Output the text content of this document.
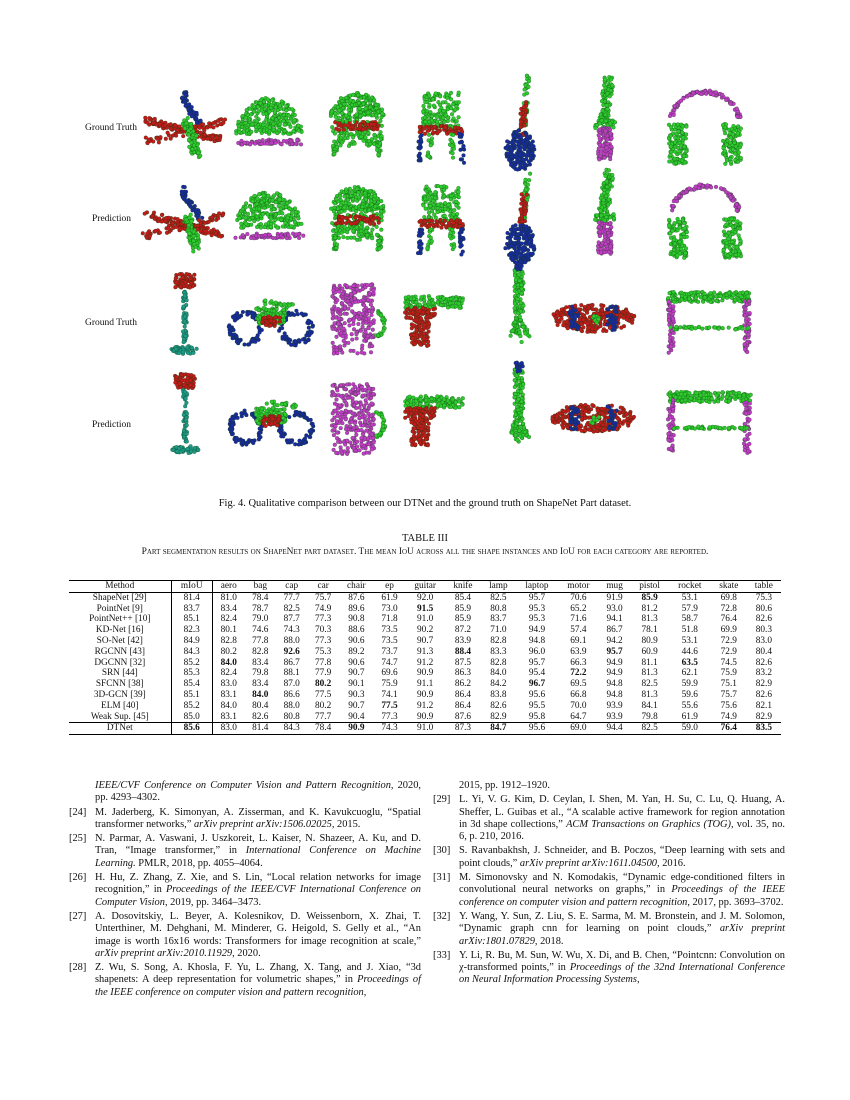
Ground Truth
Prediction
Ground Truth
Prediction
Fig. 4. Qualitative comparison between our DTNet and the ground truth on ShapeNet Part dataset.
TABLE III
Part segmentation results on ShapeNet part dataset. The mean IoU across all the shape instances and IoU for each category are reported.
Method	mIoU	aero	bag	cap	car	chair	ep	guitar	knife	lamp	laptop	motor	mug	pistol	rocket	skate	table
ShapeNet [29]	81.4	81.0	78.4	77.7	75.7	87.6	61.9	92.0	85.4	82.5	95.7	70.6	91.9	85.9	53.1	69.8	75.3
PointNet [9]	83.7	83.4	78.7	82.5	74.9	89.6	73.0	91.5	85.9	80.8	95.3	65.2	93.0	81.2	57.9	72.8	80.6
PointNet++ [10]	85.1	82.4	79.0	87.7	77.3	90.8	71.8	91.0	85.9	83.7	95.3	71.6	94.1	81.3	58.7	76.4	82.6
KD-Net [16]	82.3	80.1	74.6	74.3	70.3	88.6	73.5	90.2	87.2	71.0	94.9	57.4	86.7	78.1	51.8	69.9	80.3
SO-Net [42]	84.9	82.8	77.8	88.0	77.3	90.6	73.5	90.7	83.9	82.8	94.8	69.1	94.2	80.9	53.1	72.9	83.0
RGCNN [43]	84.3	80.2	82.8	92.6	75.3	89.2	73.7	91.3	88.4	83.3	96.0	63.9	95.7	60.9	44.6	72.9	80.4
DGCNN [32]	85.2	84.0	83.4	86.7	77.8	90.6	74.7	91.2	87.5	82.8	95.7	66.3	94.9	81.1	63.5	74.5	82.6
SRN [44]	85.3	82.4	79.8	88.1	77.9	90.7	69.6	90.9	86.3	84.0	95.4	72.2	94.9	81.3	62.1	75.9	83.2
SFCNN [38]	85.4	83.0	83.4	87.0	80.2	90.1	75.9	91.1	86.2	84.2	96.7	69.5	94.8	82.5	59.9	75.1	82.9
3D-GCN [39]	85.1	83.1	84.0	86.6	77.5	90.3	74.1	90.9	86.4	83.8	95.6	66.8	94.8	81.3	59.6	75.7	82.6
ELM [40]	85.2	84.0	80.4	88.0	80.2	90.7	77.5	91.2	86.4	82.6	95.5	70.0	93.9	84.1	55.6	75.6	82.1
Weak Sup. [45]	85.0	83.1	82.6	80.8	77.7	90.4	77.3	90.9	87.6	82.9	95.8	64.7	93.9	79.8	61.9	74.9	82.9
DTNet	85.6	83.0	81.4	84.3	78.4	90.9	74.3	91.0	87.3	84.7	95.6	69.0	94.4	82.5	59.0	76.4	83.5
IEEE/CVF Conference on Computer Vision and Pattern Recognition, 2020, pp. 4293–4302.
[24] M. Jaderberg, K. Simonyan, A. Zisserman, and K. Kavukcuoglu, “Spatial transformer networks,” arXiv preprint arXiv:1506.02025, 2015.
[25] N. Parmar, A. Vaswani, J. Uszkoreit, L. Kaiser, N. Shazeer, A. Ku, and D. Tran, “Image transformer,” in International Conference on Machine Learning. PMLR, 2018, pp. 4055–4064.
[26] H. Hu, Z. Zhang, Z. Xie, and S. Lin, “Local relation networks for image recognition,” in Proceedings of the IEEE/CVF International Conference on Computer Vision, 2019, pp. 3464–3473.
[27] A. Dosovitskiy, L. Beyer, A. Kolesnikov, D. Weissenborn, X. Zhai, T. Unterthiner, M. Dehghani, M. Minderer, G. Heigold, S. Gelly et al., “An image is worth 16x16 words: Transformers for image recognition at scale,” arXiv preprint arXiv:2010.11929, 2020.
[28] Z. Wu, S. Song, A. Khosla, F. Yu, L. Zhang, X. Tang, and J. Xiao, “3d shapenets: A deep representation for volumetric shapes,” in Proceedings of the IEEE conference on computer vision and pattern recognition,
2015, pp. 1912–1920.
[29] L. Yi, V. G. Kim, D. Ceylan, I. Shen, M. Yan, H. Su, C. Lu, Q. Huang, A. Sheffer, L. Guibas et al., “A scalable active framework for region annotation in 3d shape collections,” ACM Transactions on Graphics (TOG), vol. 35, no. 6, p. 210, 2016.
[30] S. Ravanbakhsh, J. Schneider, and B. Poczos, “Deep learning with sets and point clouds,” arXiv preprint arXiv:1611.04500, 2016.
[31] M. Simonovsky and N. Komodakis, “Dynamic edge-conditioned filters in convolutional neural networks on graphs,” in Proceedings of the IEEE conference on computer vision and pattern recognition, 2017, pp. 3693–3702.
[32] Y. Wang, Y. Sun, Z. Liu, S. E. Sarma, M. M. Bronstein, and J. M. Solomon, “Dynamic graph cnn for learning on point clouds,” arXiv preprint arXiv:1801.07829, 2018.
[33] Y. Li, R. Bu, M. Sun, W. Wu, X. Di, and B. Chen, “Pointcnn: Convolution on χ-transformed points,” in Proceedings of the 32nd International Conference on Neural Information Processing Systems,
